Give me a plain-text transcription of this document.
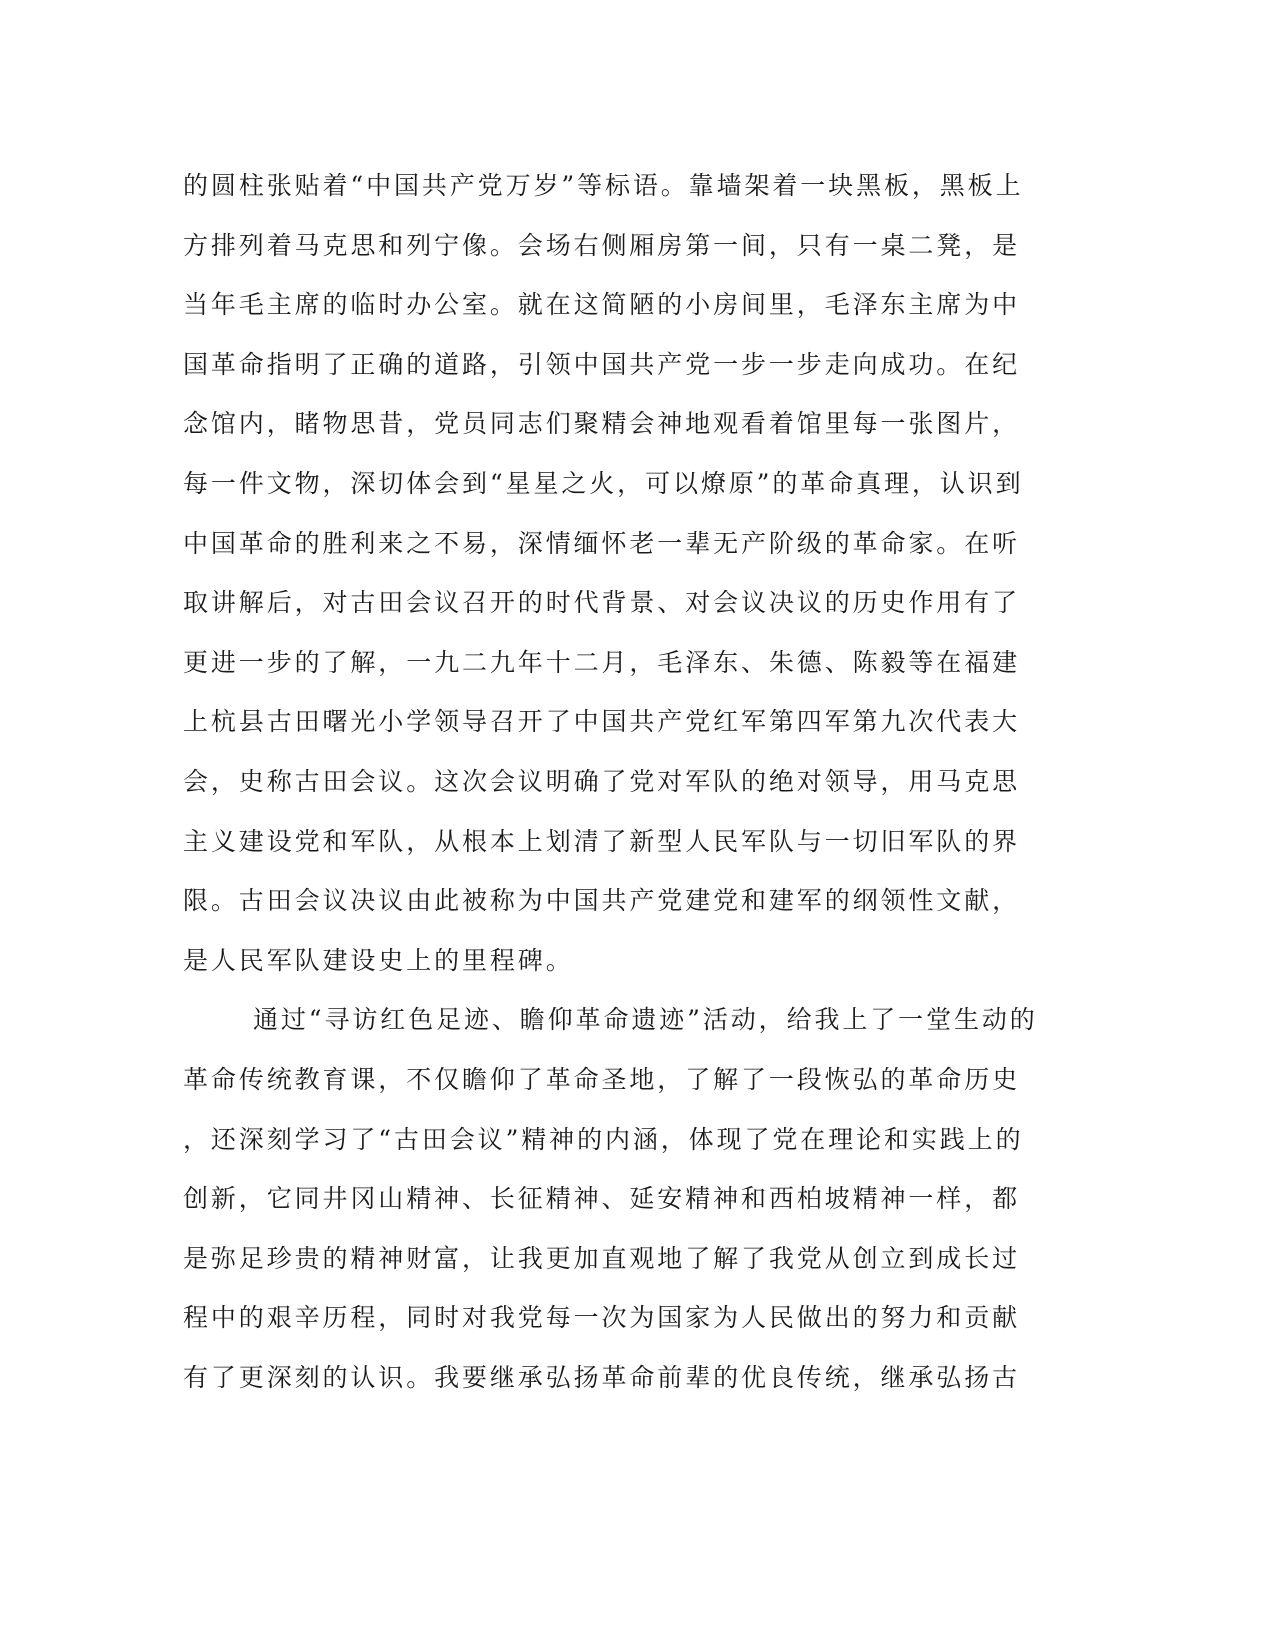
的圆柱张贴着“中国共产党万岁”等标语。靠墙架着一块黑板，黑板上
方排列着马克思和列宁像。会场右侧厢房第一间，只有一桌二凳，是
当年毛主席的临时办公室。就在这简陋的小房间里，毛泽东主席为中
国革命指明了正确的道路，引领中国共产党一步一步走向成功。在纪
念馆内，睹物思昔，党员同志们聚精会神地观看着馆里每一张图片，
每一件文物，深切体会到“星星之火，可以燎原”的革命真理，认识到
中国革命的胜利来之不易，深情缅怀老一辈无产阶级的革命家。在听
取讲解后，对古田会议召开的时代背景、对会议决议的历史作用有了
更进一步的了解，一九二九年十二月，毛泽东、朱德、陈毅等在福建
上杭县古田曙光小学领导召开了中国共产党红军第四军第九次代表大
会，史称古田会议。这次会议明确了党对军队的绝对领导，用马克思
主义建设党和军队，从根本上划清了新型人民军队与一切旧军队的界
限。古田会议决议由此被称为中国共产党建党和建军的纲领性文献，
是人民军队建设史上的里程碑。
通过“寻访红色足迹、瞻仰革命遗迹”活动，给我上了一堂生动的
革命传统教育课，不仅瞻仰了革命圣地，了解了一段恢弘的革命历史
，还深刻学习了“古田会议”精神的内涵，体现了党在理论和实践上的
创新，它同井冈山精神、长征精神、延安精神和西柏坡精神一样，都
是弥足珍贵的精神财富，让我更加直观地了解了我党从创立到成长过
程中的艰辛历程，同时对我党每一次为国家为人民做出的努力和贡献
有了更深刻的认识。我要继承弘扬革命前辈的优良传统，继承弘扬古
